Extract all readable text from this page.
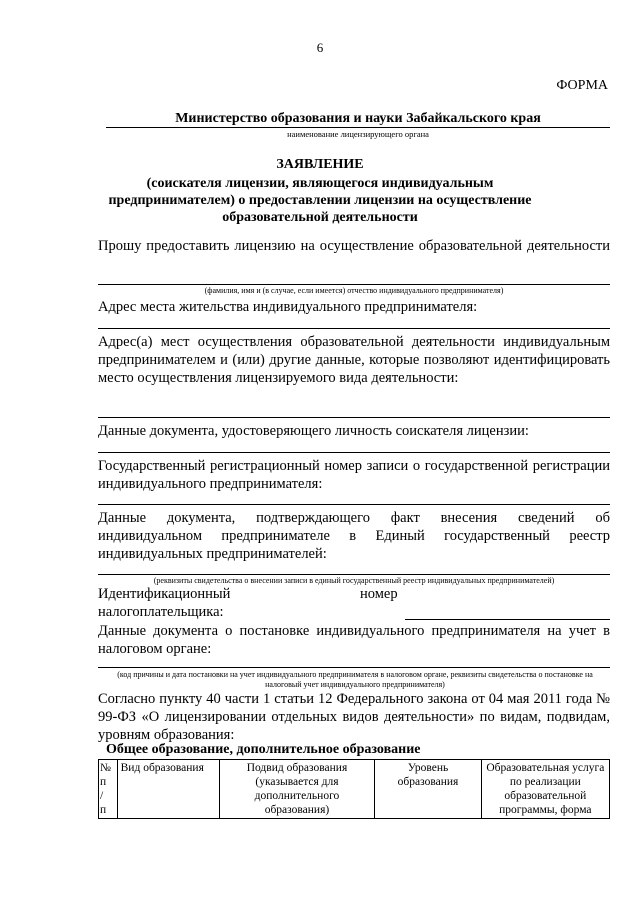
6
ФОРМА
Министерство образования и науки Забайкальского края
наименование лицензирующего органа
ЗАЯВЛЕНИЕ
(соискателя лицензии, являющегося индивидуальным предпринимателем) о предоставлении лицензии на осуществление образовательной деятельности
Прошу предоставить лицензию на осуществление образовательной деятельности
(фамилия, имя и (в случае, если имеется) отчество индивидуального предпринимателя)
Адрес места жительства индивидуального предпринимателя:
Адрес(а) мест осуществления образовательной деятельности индивидуальным предпринимателем и (или) другие данные, которые позволяют идентифицировать место осуществления лицензируемого вида деятельности:
Данные документа, удостоверяющего личность соискателя лицензии:
Государственный регистрационный номер записи о государственной регистрации индивидуального предпринимателя:
Данные документа, подтверждающего факт внесения сведений об индивидуальном предпринимателе в Единый государственный реестр индивидуальных предпринимателей:
(реквизиты свидетельства о внесении записи в единый государственный реестр индивидуальных предпринимателей)
Идентификационный	номер
налогоплательщика:
Данные документа о постановке индивидуального предпринимателя на учет в налоговом органе:
(код причины и дата постановки на учет индивидуального предпринимателя в налоговом органе, реквизиты свидетельства о постановке на налоговый учет индивидуального предпринимателя)
Согласно пункту 40 части 1 статьи 12 Федерального закона от 04 мая 2011 года № 99-ФЗ «О лицензировании отдельных видов деятельности» по видам, подвидам, уровням образования:
Общее образование, дополнительное образование
№
п
/
п	Вид образования	Подвид образования (указывается для дополнительного образования)	Уровень образования	Образовательная услуга по реализации образовательной программы, форма
